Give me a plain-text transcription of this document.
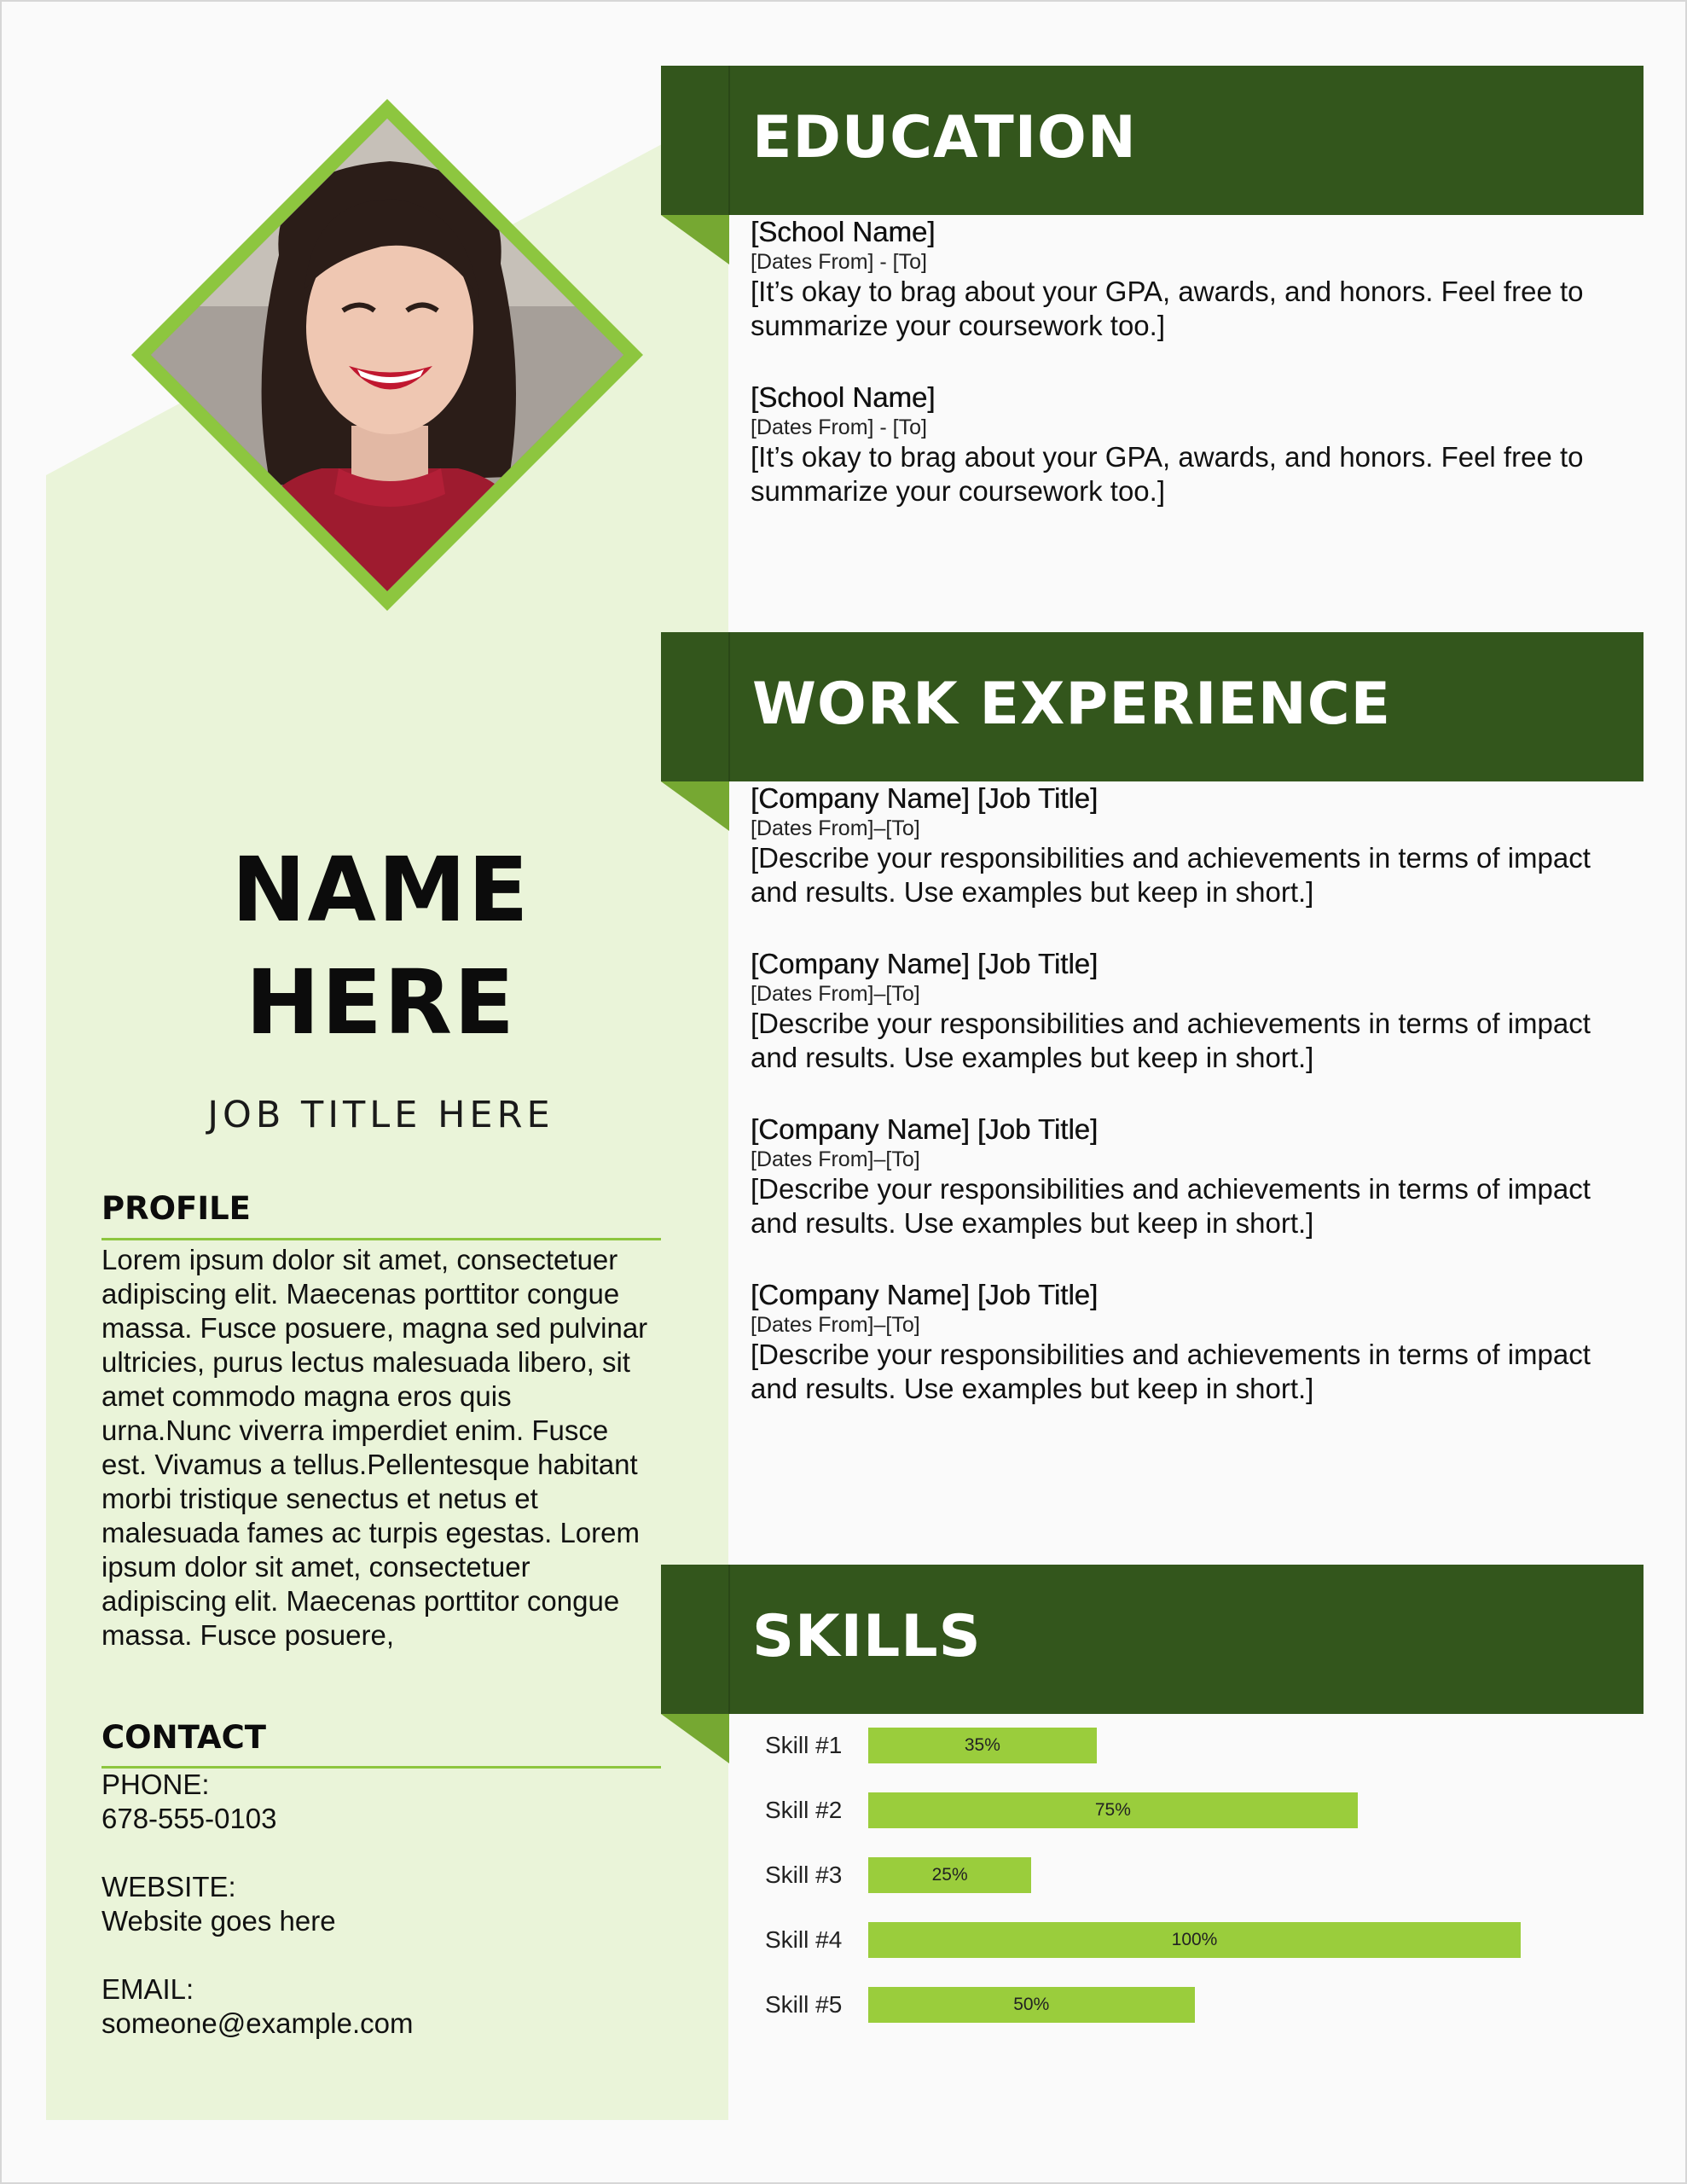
NAME
HERE
JOB TITLE HERE
PROFILE
Lorem ipsum dolor sit amet, consectetuer
adipiscing elit. Maecenas porttitor congue
massa. Fusce posuere, magna sed pulvinar
ultricies, purus lectus malesuada libero, sit
amet commodo magna eros quis
urna.Nunc viverra imperdiet enim. Fusce
est. Vivamus a tellus.Pellentesque habitant
morbi tristique senectus et netus et
malesuada fames ac turpis egestas. Lorem
ipsum dolor sit amet, consectetuer
adipiscing elit. Maecenas porttitor congue
massa. Fusce posuere,
CONTACT
PHONE:
678-555-0103
WEBSITE:
Website goes here
EMAIL:
someone@example.com
EDUCATION
[School Name]
[Dates From] - [To]
[It’s okay to brag about your GPA, awards, and honors. Feel free to
summarize your coursework too.]
[School Name]
[Dates From] - [To]
[It’s okay to brag about your GPA, awards, and honors. Feel free to
summarize your coursework too.]
WORK EXPERIENCE
[Company Name] [Job Title]
[Dates From]–[To]
[Describe your responsibilities and achievements in terms of impact
and results. Use examples but keep in short.]
[Company Name] [Job Title]
[Dates From]–[To]
[Describe your responsibilities and achievements in terms of impact
and results. Use examples but keep in short.]
[Company Name] [Job Title]
[Dates From]–[To]
[Describe your responsibilities and achievements in terms of impact
and results. Use examples but keep in short.]
[Company Name] [Job Title]
[Dates From]–[To]
[Describe your responsibilities and achievements in terms of impact
and results. Use examples but keep in short.]
SKILLS
Skill #1	35%
Skill #2	75%
Skill #3	25%
Skill #4	100%
Skill #5	50%
